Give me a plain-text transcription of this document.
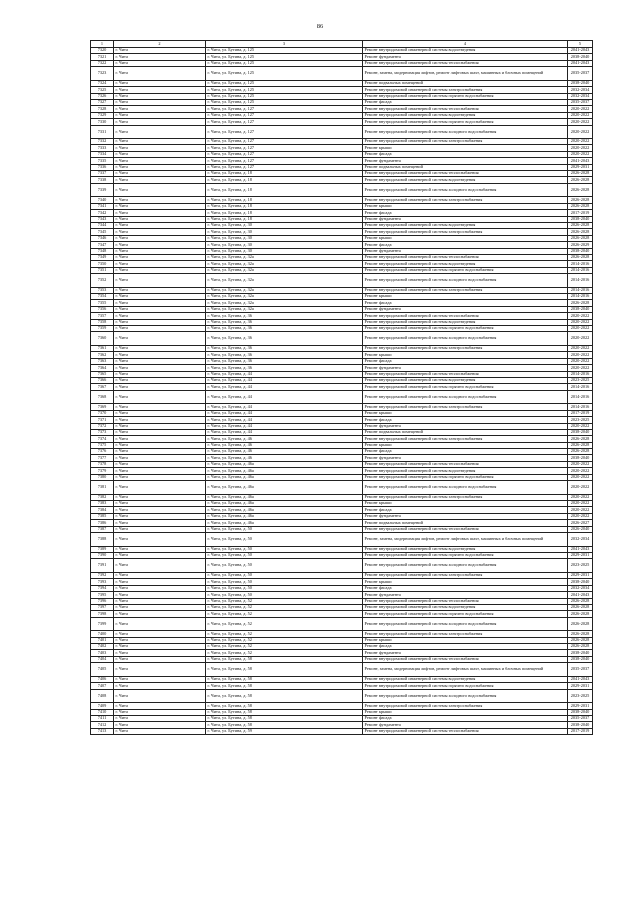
86
1	2	3	4	5
7320	г. Чита	г. Чита, ул. Бутина, д. 125	Ремонт внутридомовой инженерной системы водоотведения	2041-2043
7321	г. Чита	г. Чита, ул. Бутина, д. 125	Ремонт фундамента	2038-2040
7322	г. Чита	г. Чита, ул. Бутина, д. 125	Ремонт внутридомовой инженерной системы теплоснабжения	2041-2043
7323	г. Чита	г. Чита, ул. Бутина, д. 125	Ремонт, замена, модернизация лифтов, ремонт лифтовых шахт, машинных и блочных помещений	2035-2037
7324	г. Чита	г. Чита, ул. Бутина, д. 125	Ремонт подвальных помещений	2038-2040
7325	г. Чита	г. Чита, ул. Бутина, д. 125	Ремонт внутридомовой инженерной системы электроснабжения	2032-2034
7326	г. Чита	г. Чита, ул. Бутина, д. 125	Ремонт внутридомовой инженерной системы горячего водоснабжения	2032-2034
7327	г. Чита	г. Чита, ул. Бутина, д. 125	Ремонт фасада	2035-2037
7328	г. Чита	г. Чита, ул. Бутина, д. 127	Ремонт внутридомовой инженерной системы теплоснабжения	2020-2022
7329	г. Чита	г. Чита, ул. Бутина, д. 127	Ремонт внутридомовой инженерной системы водоотведения	2020-2022
7330	г. Чита	г. Чита, ул. Бутина, д. 127	Ремонт внутридомовой инженерной системы горячего водоснабжения	2020-2022
7331	г. Чита	г. Чита, ул. Бутина, д. 127	Ремонт внутридомовой инженерной системы холодного водоснабжения	2020-2022
7332	г. Чита	г. Чита, ул. Бутина, д. 127	Ремонт внутридомовой инженерной системы электроснабжения	2020-2022
7333	г. Чита	г. Чита, ул. Бутина, д. 127	Ремонт крыши	2020-2022
7334	г. Чита	г. Чита, ул. Бутина, д. 127	Ремонт фасада	2020-2022
7335	г. Чита	г. Чита, ул. Бутина, д. 127	Ремонт фундамента	2041-2043
7336	г. Чита	г. Чита, ул. Бутина, д. 127	Ремонт подвальных помещений	2029-2031
7337	г. Чита	г. Чита, ул. Бутина, д. 18	Ремонт внутридомовой инженерной системы теплоснабжения	2026-2028
7338	г. Чита	г. Чита, ул. Бутина, д. 18	Ремонт внутридомовой инженерной системы водоотведения	2026-2028
7339	г. Чита	г. Чита, ул. Бутина, д. 18	Ремонт внутридомовой инженерной системы холодного водоснабжения	2026-2028
7340	г. Чита	г. Чита, ул. Бутина, д. 18	Ремонт внутридомовой инженерной системы электроснабжения	2026-2028
7341	г. Чита	г. Чита, ул. Бутина, д. 18	Ремонт крыши	2026-2028
7342	г. Чита	г. Чита, ул. Бутина, д. 18	Ремонт фасада	2017-2019
7343	г. Чита	г. Чита, ул. Бутина, д. 18	Ремонт фундамента	2038-2040
7344	г. Чита	г. Чита, ул. Бутина, д. 30	Ремонт внутридомовой инженерной системы водоотведения	2026-2028
7345	г. Чита	г. Чита, ул. Бутина, д. 30	Ремонт внутридомовой инженерной системы электроснабжения	2026-2028
7346	г. Чита	г. Чита, ул. Бутина, д. 30	Ремонт крыши	2026-2028
7347	г. Чита	г. Чита, ул. Бутина, д. 30	Ремонт фасада	2026-2029
7348	г. Чита	г. Чита, ул. Бутина, д. 30	Ремонт фундамента	2038-2040
7349	г. Чита	г. Чита, ул. Бутина, д. 32а	Ремонт внутридомовой инженерной системы теплоснабжения	2026-2028
7350	г. Чита	г. Чита, ул. Бутина, д. 32а	Ремонт внутридомовой инженерной системы водоотведения	2014-2016
7351	г. Чита	г. Чита, ул. Бутина, д. 32а	Ремонт внутридомовой инженерной системы горячего водоснабжения	2014-2016
7352	г. Чита	г. Чита, ул. Бутина, д. 32а	Ремонт внутридомовой инженерной системы холодного водоснабжения	2014-2016
7353	г. Чита	г. Чита, ул. Бутина, д. 32а	Ремонт внутридомовой инженерной системы электроснабжения	2014-2016
7354	г. Чита	г. Чита, ул. Бутина, д. 32а	Ремонт крыши	2014-2016
7355	г. Чита	г. Чита, ул. Бутина, д. 32а	Ремонт фасада	2026-2028
7356	г. Чита	г. Чита, ул. Бутина, д. 32а	Ремонт фундамента	2038-2040
7357	г. Чита	г. Чита, ул. Бутина, д. 36	Ремонт внутридомовой инженерной системы теплоснабжения	2020-2022
7358	г. Чита	г. Чита, ул. Бутина, д. 36	Ремонт внутридомовой инженерной системы водоотведения	2020-2022
7359	г. Чита	г. Чита, ул. Бутина, д. 36	Ремонт внутридомовой инженерной системы горячего водоснабжения	2020-2022
7360	г. Чита	г. Чита, ул. Бутина, д. 36	Ремонт внутридомовой инженерной системы холодного водоснабжения	2020-2022
7361	г. Чита	г. Чита, ул. Бутина, д. 36	Ремонт внутридомовой инженерной системы электроснабжения	2020-2022
7362	г. Чита	г. Чита, ул. Бутина, д. 36	Ремонт крыши	2020-2022
7363	г. Чита	г. Чита, ул. Бутина, д. 36	Ремонт фасада	2020-2022
7364	г. Чита	г. Чита, ул. Бутина, д. 36	Ремонт фундамента	2020-2022
7365	г. Чита	г. Чита, ул. Бутина, д. 44	Ремонт внутридомовой инженерной системы теплоснабжения	2014-2016
7366	г. Чита	г. Чита, ул. Бутина, д. 44	Ремонт внутридомовой инженерной системы водоотведения	2023-2025
7367	г. Чита	г. Чита, ул. Бутина, д. 44	Ремонт внутридомовой инженерной системы горячего водоснабжения	2014-2016
7368	г. Чита	г. Чита, ул. Бутина, д. 44	Ремонт внутридомовой инженерной системы холодного водоснабжения	2014-2016
7369	г. Чита	г. Чита, ул. Бутина, д. 44	Ремонт внутридомовой инженерной системы электроснабжения	2014-2016
7370	г. Чита	г. Чита, ул. Бутина, д. 44	Ремонт крыши	2017-2019
7371	г. Чита	г. Чита, ул. Бутина, д. 44	Ремонт фасада	2023-2025
7372	г. Чита	г. Чита, ул. Бутина, д. 44	Ремонт фундамента	2020-2022
7373	г. Чита	г. Чита, ул. Бутина, д. 44	Ремонт подвальных помещений	2038-2040
7374	г. Чита	г. Чита, ул. Бутина, д. 46	Ремонт внутридомовой инженерной системы электроснабжения	2026-2028
7375	г. Чита	г. Чита, ул. Бутина, д. 46	Ремонт крыши	2026-2028
7376	г. Чита	г. Чита, ул. Бутина, д. 46	Ремонт фасада	2026-2028
7377	г. Чита	г. Чита, ул. Бутина, д. 46	Ремонт фундамента	2038-2040
7378	г. Чита	г. Чита, ул. Бутина, д. 46а	Ремонт внутридомовой инженерной системы теплоснабжения	2020-2022
7379	г. Чита	г. Чита, ул. Бутина, д. 46а	Ремонт внутридомовой инженерной системы водоотведения	2020-2022
7380	г. Чита	г. Чита, ул. Бутина, д. 46а	Ремонт внутридомовой инженерной системы горячего водоснабжения	2020-2022
7381	г. Чита	г. Чита, ул. Бутина, д. 46а	Ремонт внутридомовой инженерной системы холодного водоснабжения	2020-2022
7382	г. Чита	г. Чита, ул. Бутина, д. 46а	Ремонт внутридомовой инженерной системы электроснабжения	2020-2022
7383	г. Чита	г. Чита, ул. Бутина, д. 46а	Ремонт крыши	2020-2022
7384	г. Чита	г. Чита, ул. Бутина, д. 46а	Ремонт фасада	2020-2022
7385	г. Чита	г. Чита, ул. Бутина, д. 46а	Ремонт фундамента	2020-2022
7386	г. Чита	г. Чита, ул. Бутина, д. 46а	Ремонт подвальных помещений	2026-2027
7387	г. Чита	г. Чита, ул. Бутина, д. 50	Ремонт внутридомовой инженерной системы теплоснабжения	2026-2040
7388	г. Чита	г. Чита, ул. Бутина, д. 50	Ремонт, замена, модернизация лифтов, ремонт лифтовых шахт, машинных и блочных помещений	2032-2034
7389	г. Чита	г. Чита, ул. Бутина, д. 50	Ремонт внутридомовой инженерной системы водоотведения	2041-2043
7390	г. Чита	г. Чита, ул. Бутина, д. 50	Ремонт внутридомовой инженерной системы горячего водоснабжения	2029-2031
7391	г. Чита	г. Чита, ул. Бутина, д. 50	Ремонт внутридомовой инженерной системы холодного водоснабжения	2023-2025
7392	г. Чита	г. Чита, ул. Бутина, д. 50	Ремонт внутридомовой инженерной системы электроснабжения	2029-2031
7393	г. Чита	г. Чита, ул. Бутина, д. 50	Ремонт крыши	2038-2040
7394	г. Чита	г. Чита, ул. Бутина, д. 50	Ремонт фасада	2032-2034
7395	г. Чита	г. Чита, ул. Бутина, д. 50	Ремонт фундамента	2041-2043
7396	г. Чита	г. Чита, ул. Бутина, д. 52	Ремонт внутридомовой инженерной системы теплоснабжения	2026-2028
7397	г. Чита	г. Чита, ул. Бутина, д. 52	Ремонт внутридомовой инженерной системы водоотведения	2026-2028
7398	г. Чита	г. Чита, ул. Бутина, д. 52	Ремонт внутридомовой инженерной системы горячего водоснабжения	2026-2028
7399	г. Чита	г. Чита, ул. Бутина, д. 52	Ремонт внутридомовой инженерной системы холодного водоснабжения	2026-2028
7400	г. Чита	г. Чита, ул. Бутина, д. 52	Ремонт внутридомовой инженерной системы электроснабжения	2026-2028
7401	г. Чита	г. Чита, ул. Бутина, д. 52	Ремонт крыши	2026-2028
7402	г. Чита	г. Чита, ул. Бутина, д. 52	Ремонт фасада	2026-2028
7403	г. Чита	г. Чита, ул. Бутина, д. 52	Ремонт фундамента	2038-2040
7404	г. Чита	г. Чита, ул. Бутина, д. 58	Ремонт внутридомовой инженерной системы теплоснабжения	2038-2040
7405	г. Чита	г. Чита, ул. Бутина, д. 58	Ремонт, замена, модернизация лифтов, ремонт лифтовых шахт, машинных и блочных помещений	2035-2037
7406	г. Чита	г. Чита, ул. Бутина, д. 58	Ремонт внутридомовой инженерной системы водоотведения	2041-2043
7407	г. Чита	г. Чита, ул. Бутина, д. 58	Ремонт внутридомовой инженерной системы горячего водоснабжения	2029-2031
7408	г. Чита	г. Чита, ул. Бутина, д. 58	Ремонт внутридомовой инженерной системы холодного водоснабжения	2023-2025
7409	г. Чита	г. Чита, ул. Бутина, д. 58	Ремонт внутридомовой инженерной системы электроснабжения	2029-2031
7410	г. Чита	г. Чита, ул. Бутина, д. 58	Ремонт крыши	2038-2040
7411	г. Чита	г. Чита, ул. Бутина, д. 58	Ремонт фасада	2035-2037
7412	г. Чита	г. Чита, ул. Бутина, д. 58	Ремонт фундамента	2038-2040
7413	г. Чита	г. Чита, ул. Бутина, д. 59	Ремонт внутридомовой инженерной системы теплоснабжения	2017-2019
